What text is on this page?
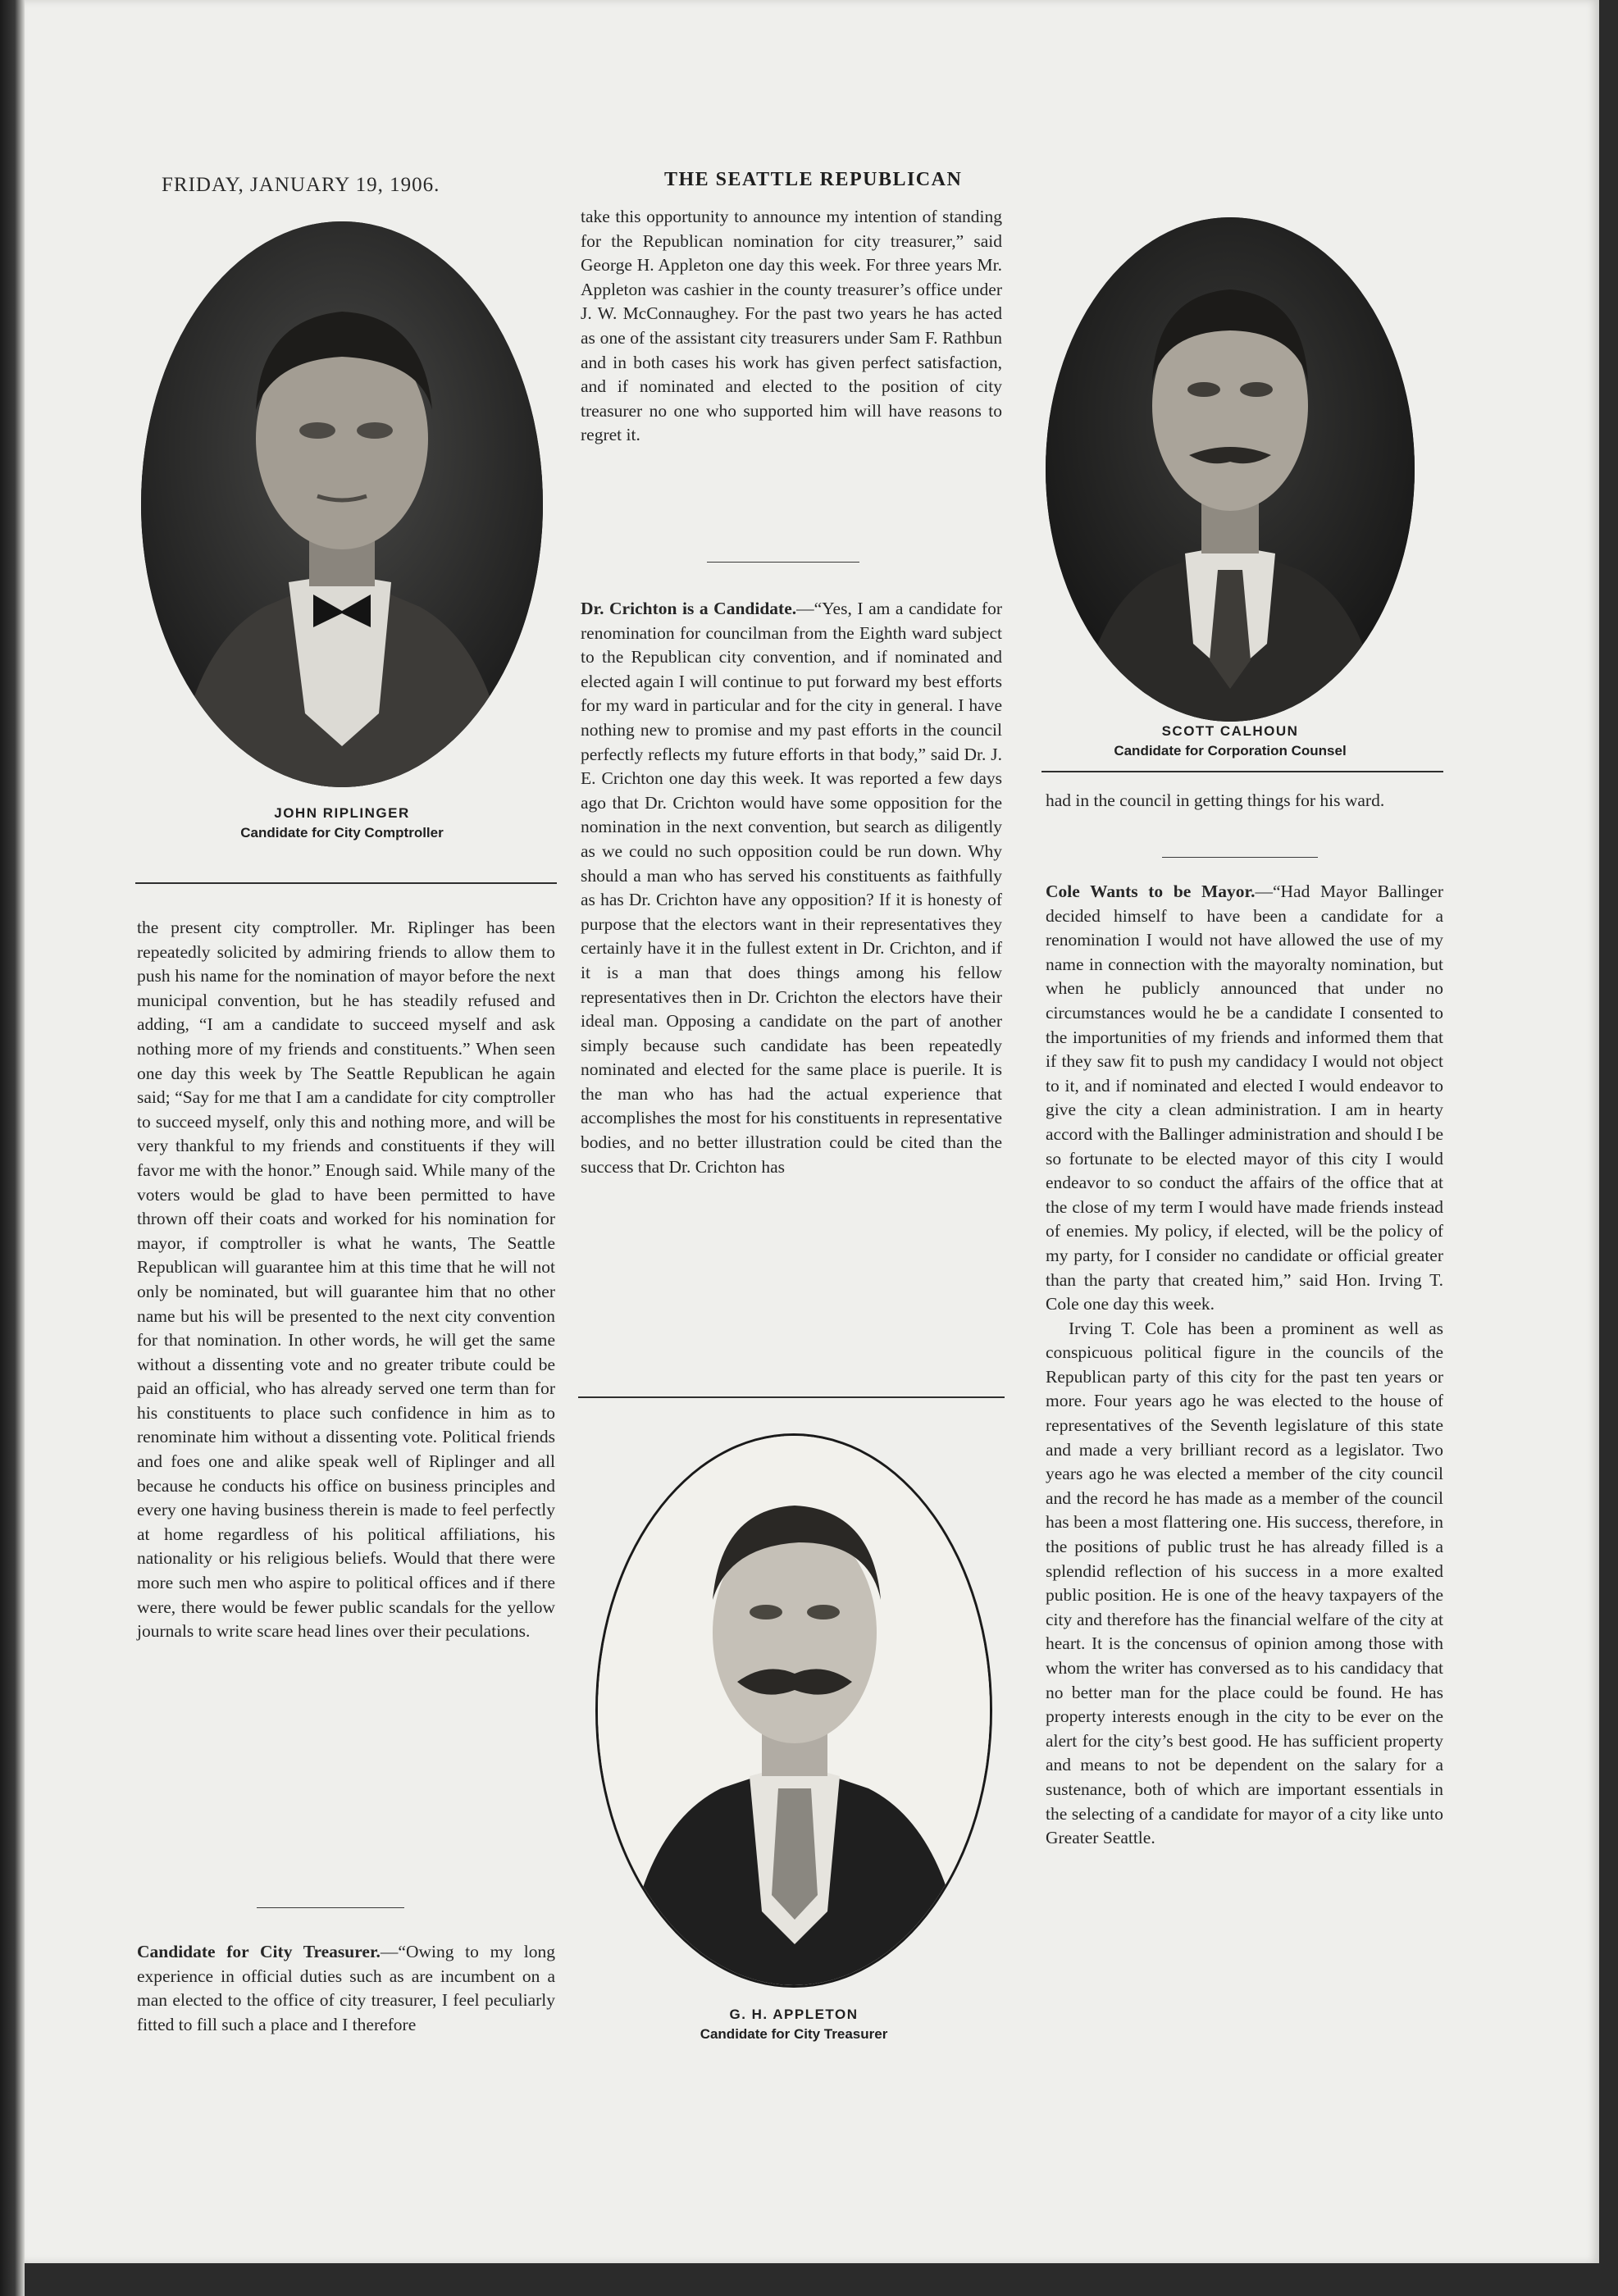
FRIDAY, JANUARY 19, 1906.	THE SEATTLE REPUBLICAN
JOHN RIPLINGER
Candidate for City Comptroller

the present city comptroller. Mr. Riplinger has been repeatedly solicited by admiring friends to allow them to push his name for the nomination of mayor before the next municipal convention, but he has steadily refused and adding, “I am a candidate to succeed myself and ask nothing more of my friends and constituents.” When seen one day this week by The Seattle Republican he again said; “Say for me that I am a candidate for city comptroller to succeed myself, only this and nothing more, and will be very thankful to my friends and constituents if they will favor me with the honor.” Enough said. While many of the voters would be glad to have been permitted to have thrown off their coats and worked for his nomination for mayor, if comptroller is what he wants, The Seattle Republican will guarantee him at this time that he will not only be nominated, but will guarantee him that no other name but his will be presented to the next city convention for that nomination. In other words, he will get the same without a dissenting vote and no greater tribute could be paid an official, who has already served one term than for his constituents to place such confidence in him as to renominate him without a dissenting vote. Political friends and foes one and alike speak well of Riplinger and all because he conducts his office on business principles and every one having business therein is made to feel perfectly at home regardless of his political affiliations, his nationality or his religious beliefs. Would that there were more such men who aspire to political offices and if there were, there would be fewer public scandals for the yellow journals to write scare head lines over their peculations.

Candidate for City Treasurer.—“Owing to my long experience in official duties such as are incumbent on a man elected to the office of city treasurer, I feel peculiarly fitted to fill such a place and I therefore

take this opportunity to announce my intention of standing for the Republican nomination for city treasurer,” said George H. Appleton one day this week. For three years Mr. Appleton was cashier in the county treasurer’s office under J. W. McConnaughey. For the past two years he has acted as one of the assistant city treasurers under Sam F. Rathbun and in both cases his work has given perfect satisfaction, and if nominated and elected to the position of city treasurer no one who supported him will have reasons to regret it.

Dr. Crichton is a Candidate.—“Yes, I am a candidate for renomination for councilman from the Eighth ward subject to the Republican city convention, and if nominated and elected again I will continue to put forward my best efforts for my ward in particular and for the city in general. I have nothing new to promise and my past efforts in the council perfectly reflects my future efforts in that body,” said Dr. J. E. Crichton one day this week. It was reported a few days ago that Dr. Crichton would have some opposition for the nomination in the next convention, but search as diligently as we could no such opposition could be run down. Why should a man who has served his constituents as faithfully as has Dr. Crichton have any opposition? If it is honesty of purpose that the electors want in their representatives they certainly have it in the fullest extent in Dr. Crichton, and if it is a man that does things among his fellow representatives then in Dr. Crichton the electors have their ideal man. Opposing a candidate on the part of another simply because such candidate has been repeatedly nominated and elected for the same place is puerile. It is the man who has had the actual experience that accomplishes the most for his constituents in representative bodies, and no better illustration could be cited than the success that Dr. Crichton has

G. H. APPLETON
Candidate for City Treasurer
SCOTT CALHOUN
Candidate for Corporation Counsel

had in the council in getting things for his ward.

Cole Wants to be Mayor.—“Had Mayor Ballinger decided himself to have been a candidate for a renomination I would not have allowed the use of my name in connection with the mayoralty nomination, but when he publicly announced that under no circumstances would he be a candidate I consented to the importunities of my friends and informed them that if they saw fit to push my candidacy I would not object to it, and if nominated and elected I would endeavor to give the city a clean administration. I am in hearty accord with the Ballinger administration and should I be so fortunate to be elected mayor of this city I would endeavor to so conduct the affairs of the office that at the close of my term I would have made friends instead of enemies. My policy, if elected, will be the policy of my party, for I consider no candidate or official greater than the party that created him,” said Hon. Irving T. Cole one day this week.

Irving T. Cole has been a prominent as well as conspicuous political figure in the councils of the Republican party of this city for the past ten years or more. Four years ago he was elected to the house of representatives of the Seventh legislature of this state and made a very brilliant record as a legislator. Two years ago he was elected a member of the city council and the record he has made as a member of the council has been a most flattering one. His success, therefore, in the positions of public trust he has already filled is a splendid reflection of his success in a more exalted public position. He is one of the heavy taxpayers of the city and therefore has the financial welfare of the city at heart. It is the concensus of opinion among those with whom the writer has conversed as to his candidacy that no better man for the place could be found. He has property interests enough in the city to be ever on the alert for the city’s best good. He has sufficient property and means to not be dependent on the salary for a sustenance, both of which are important essentials in the selecting of a candidate for mayor of a city like unto Greater Seattle.
